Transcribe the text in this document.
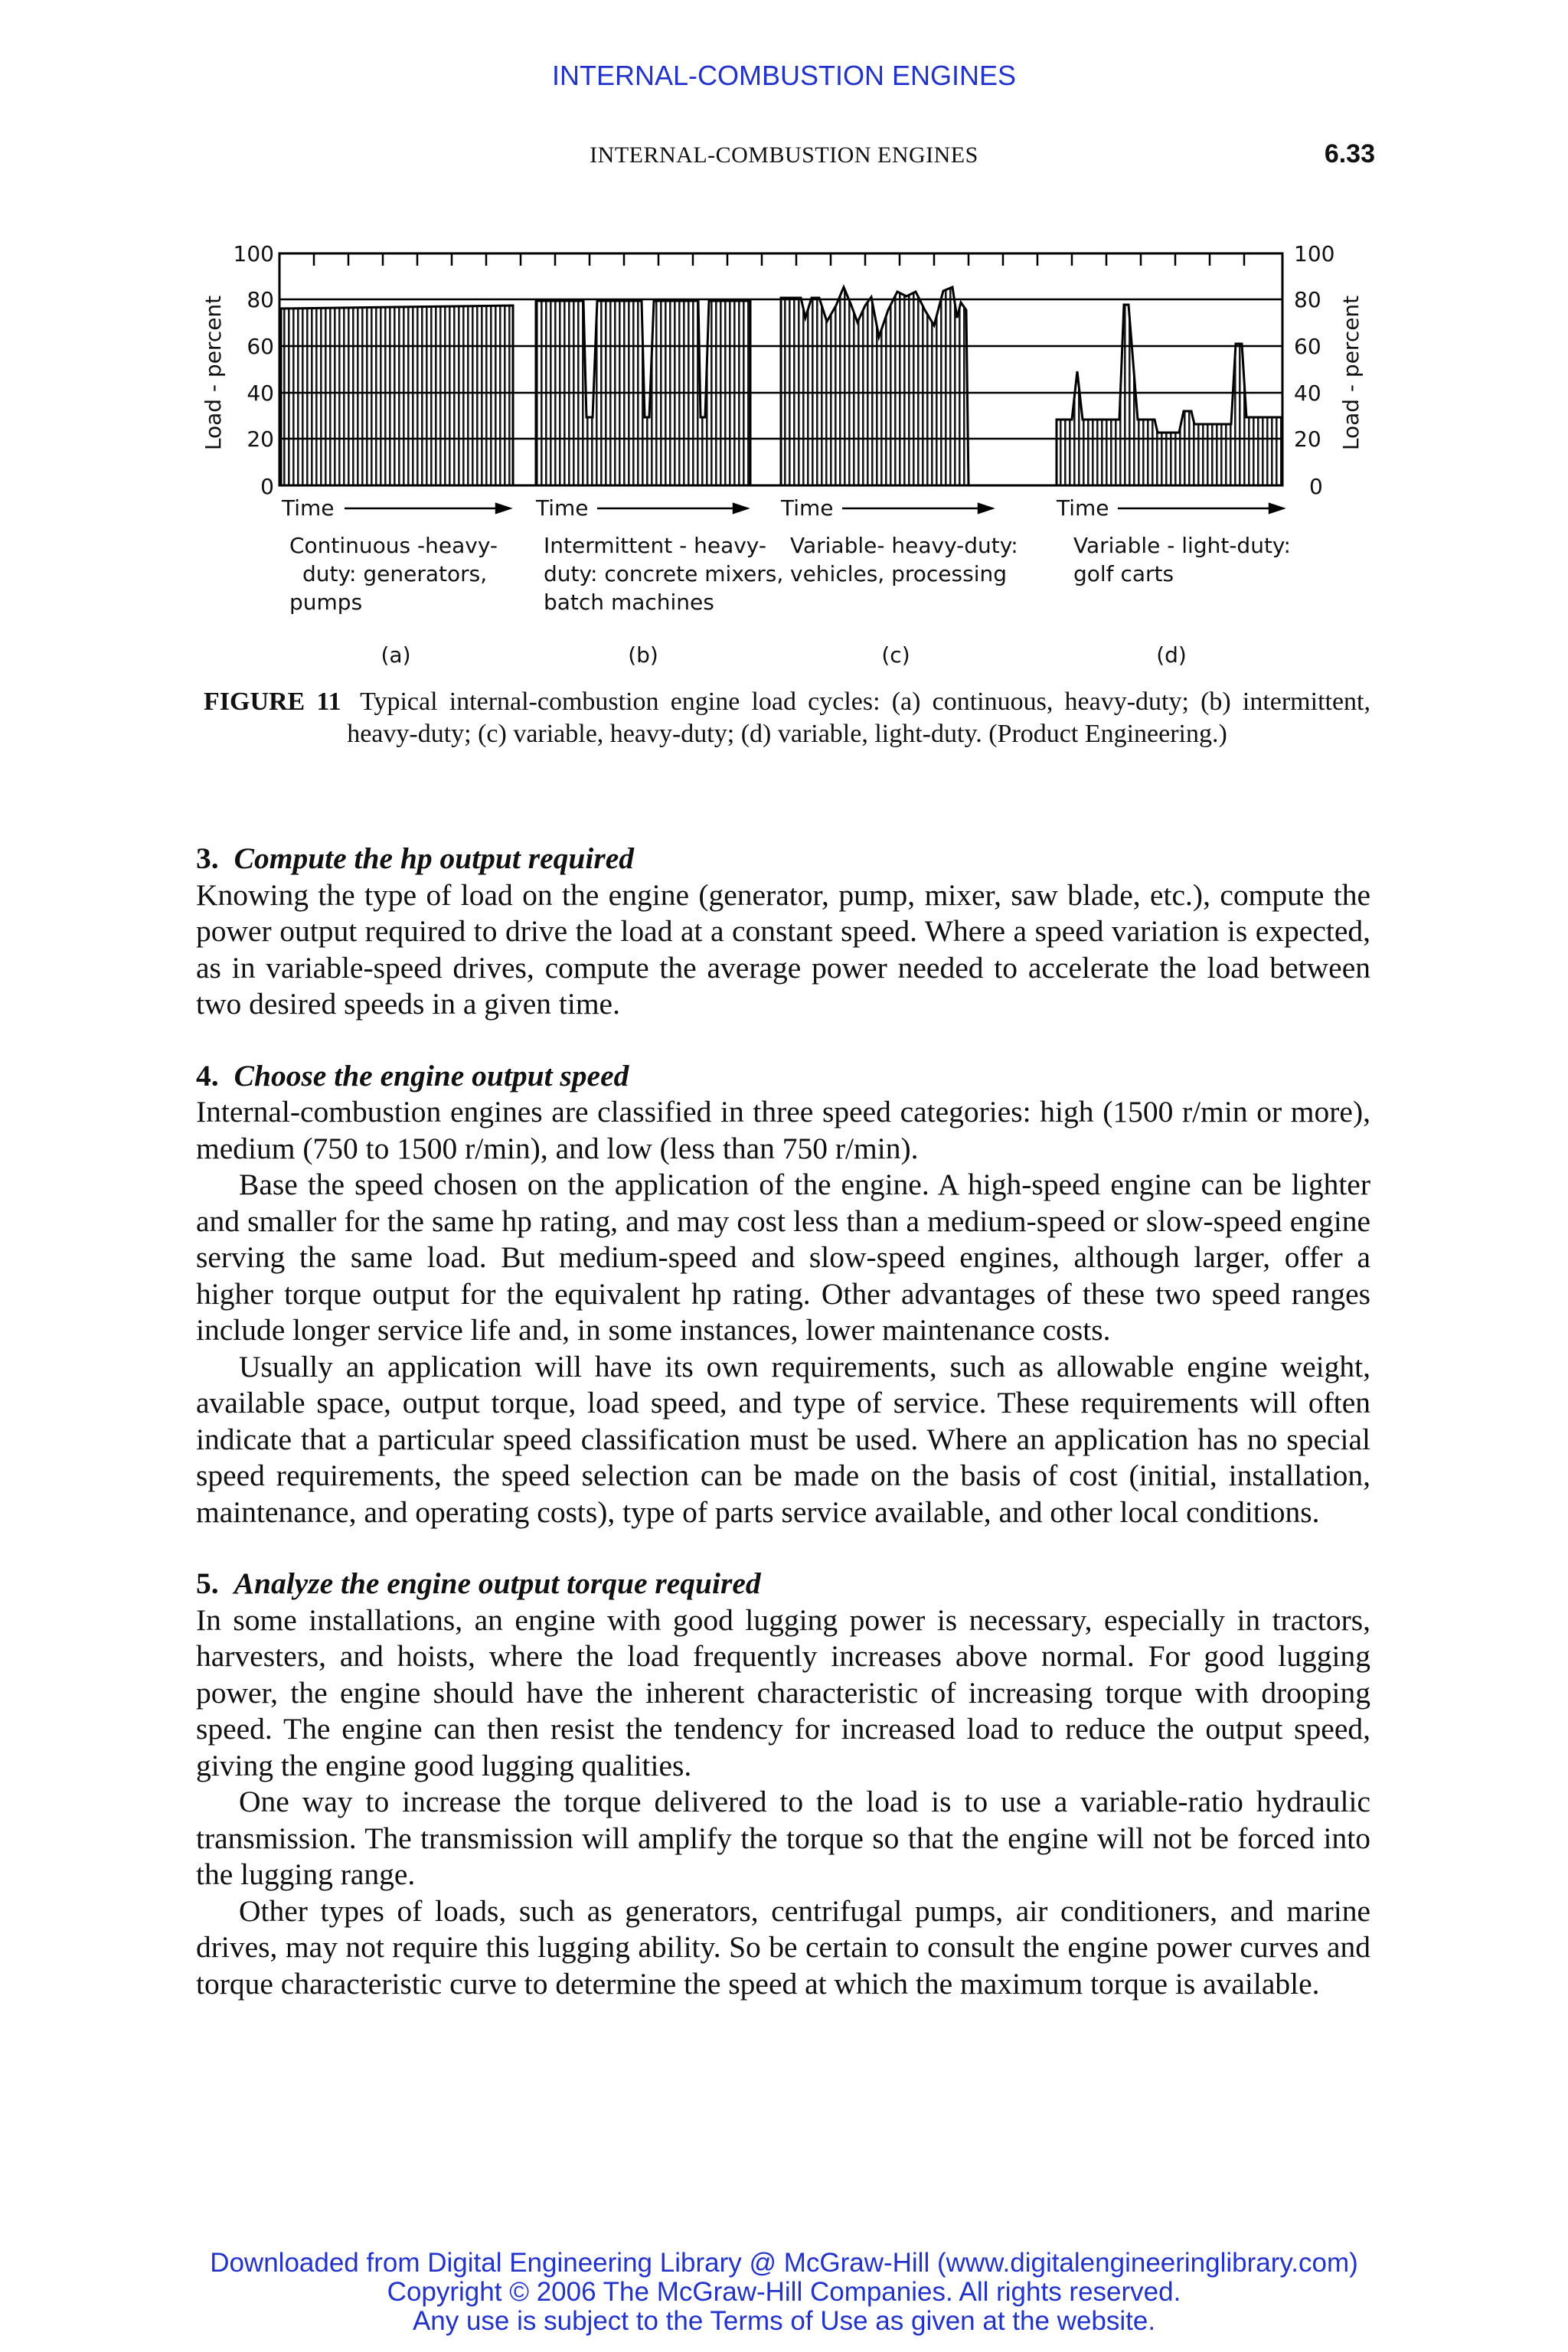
INTERNAL-COMBUSTION ENGINES
INTERNAL-COMBUSTION ENGINES	6.33
100
80
60
40
20
0
100
80
60
40
20
0
Load - percent	Load - percent
Time	Time	Time	Time
Continuous -heavy-
duty: generators,
pumps
Intermittent - heavy-
duty: concrete mixers,
batch machines
Variable- heavy-duty:
vehicles, processing
Variable - light-duty:
golf carts
(a)	(b)	(c)	(d)
FIGURE 11 Typical internal-combustion engine load cycles: (a) continuous, heavy-duty; (b) intermittent, heavy-duty; (c) variable, heavy-duty; (d) variable, light-duty. (Product Engineering.)
3. Compute the hp output required

Knowing the type of load on the engine (generator, pump, mixer, saw blade, etc.), compute the power output required to drive the load at a constant speed. Where a speed variation is expected, as in variable-speed drives, compute the average power needed to accelerate the load between two desired speeds in a given time.

4. Choose the engine output speed

Internal-combustion engines are classified in three speed categories: high (1500 r/min or more), medium (750 to 1500 r/min), and low (less than 750 r/min).

Base the speed chosen on the application of the engine. A high-speed engine can be lighter and smaller for the same hp rating, and may cost less than a medium-speed or slow-speed engine serving the same load. But medium-speed and slow-speed engines, although larger, offer a higher torque output for the equivalent hp rating. Other advantages of these two speed ranges include longer service life and, in some instances, lower maintenance costs.

Usually an application will have its own requirements, such as allowable engine weight, available space, output torque, load speed, and type of service. These requirements will often indicate that a particular speed classification must be used. Where an application has no special speed requirements, the speed selection can be made on the basis of cost (initial, installation, maintenance, and operating costs), type of parts service available, and other local conditions.

5. Analyze the engine output torque required

In some installations, an engine with good lugging power is necessary, especially in tractors, harvesters, and hoists, where the load frequently increases above normal. For good lugging power, the engine should have the inherent characteristic of increasing torque with drooping speed. The engine can then resist the tendency for increased load to reduce the output speed, giving the engine good lugging qualities.

One way to increase the torque delivered to the load is to use a variable-ratio hydraulic transmission. The transmission will amplify the torque so that the engine will not be forced into the lugging range.

Other types of loads, such as generators, centrifugal pumps, air conditioners, and marine drives, may not require this lugging ability. So be certain to consult the engine power curves and torque characteristic curve to determine the speed at which the maximum torque is available.

Downloaded from Digital Engineering Library @ McGraw-Hill (www.digitalengineeringlibrary.com)
Copyright © 2006 The McGraw-Hill Companies. All rights reserved.
Any use is subject to the Terms of Use as given at the website.
